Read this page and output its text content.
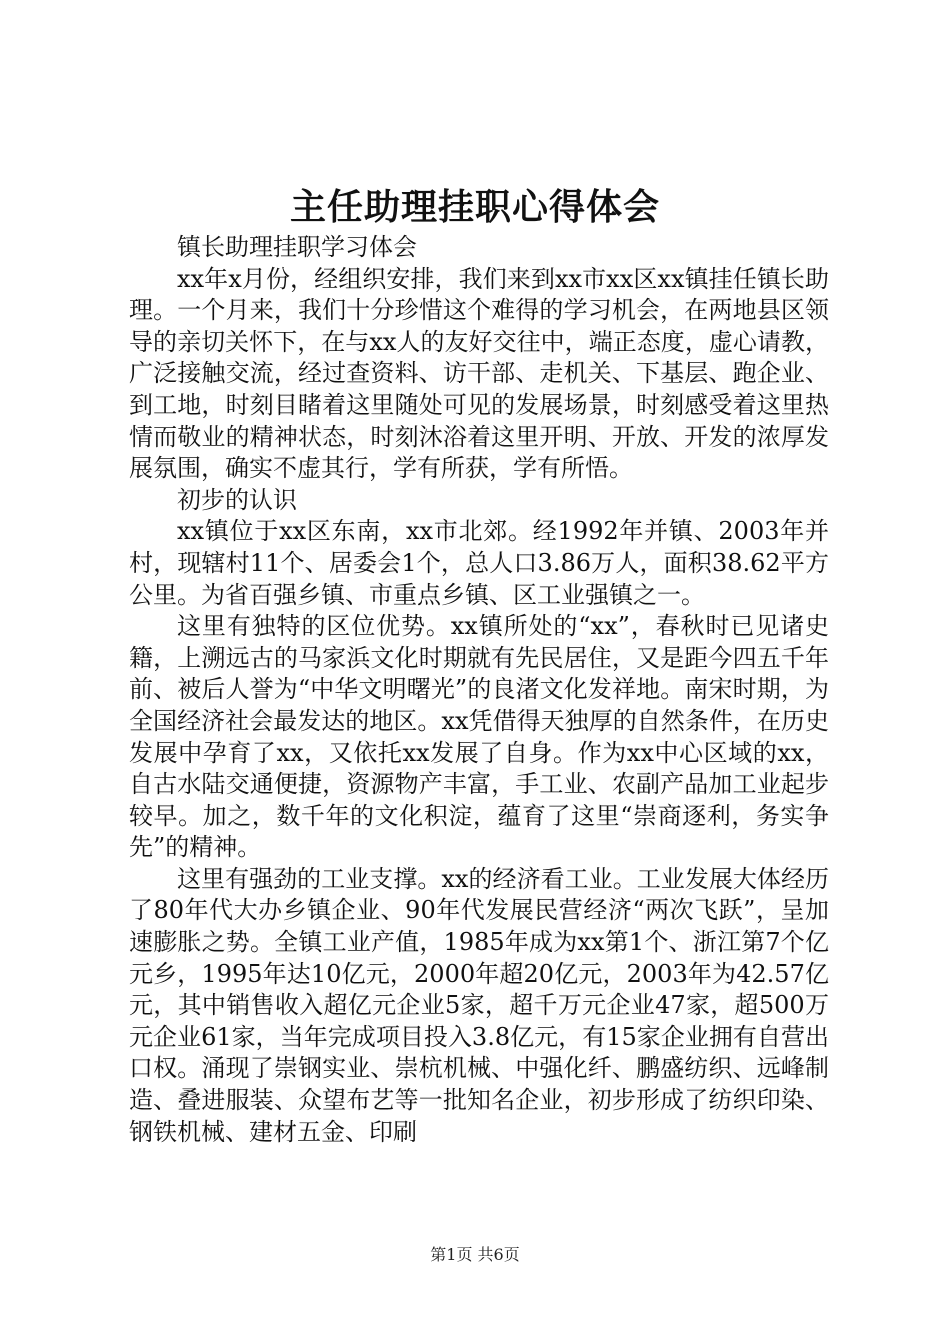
主任助理挂职心得体会

镇长助理挂职学习体会

xx年x月份，经组织安排，我们来到xx市xx区xx镇挂任镇长助理。一个月来，我们十分珍惜这个难得的学习机会，在两地县区领导的亲切关怀下，在与xx人的友好交往中，端正态度，虚心请教，广泛接触交流，经过查资料、访干部、走机关、下基层、跑企业、到工地，时刻目睹着这里随处可见的发展场景，时刻感受着这里热情而敬业的精神状态，时刻沐浴着这里开明、开放、开发的浓厚发展氛围，确实不虚其行，学有所获，学有所悟。

初步的认识

xx镇位于xx区东南，xx市北郊。经1992年并镇、2003年并村，现辖村11个、居委会1个，总人口3.86万人，面积38.62平方公里。为省百强乡镇、市重点乡镇、区工业强镇之一。

这里有独特的区位优势。xx镇所处的“xx”，春秋时已见诸史籍，上溯远古的马家浜文化时期就有先民居住，又是距今四五千年前、被后人誉为“中华文明曙光”的良渚文化发祥地。南宋时期，为全国经济社会最发达的地区。xx凭借得天独厚的自然条件，在历史发展中孕育了xx，又依托xx发展了自身。作为xx中心区域的xx，自古水陆交通便捷，资源物产丰富，手工业、农副产品加工业起步较早。加之，数千年的文化积淀，蕴育了这里“崇商逐利，务实争先”的精神。

这里有强劲的工业支撑。xx的经济看工业。工业发展大体经历了80年代大办乡镇企业、90年代发展民营经济“两次飞跃”，呈加速膨胀之势。全镇工业产值，1985年成为xx第1个、浙江第7个亿元乡，1995年达10亿元，2000年超20亿元，2003年为42.57亿元，其中销售收入超亿元企业5家，超千万元企业47家，超500万元企业61家，当年完成项目投入3.8亿元，有15家企业拥有自营出口权。涌现了崇钢实业、崇杭机械、中强化纤、鹏盛纺织、远峰制造、叠进服装、众望布艺等一批知名企业，初步形成了纺织印染、钢铁机械、建材五金、印刷

第1页 共6页
